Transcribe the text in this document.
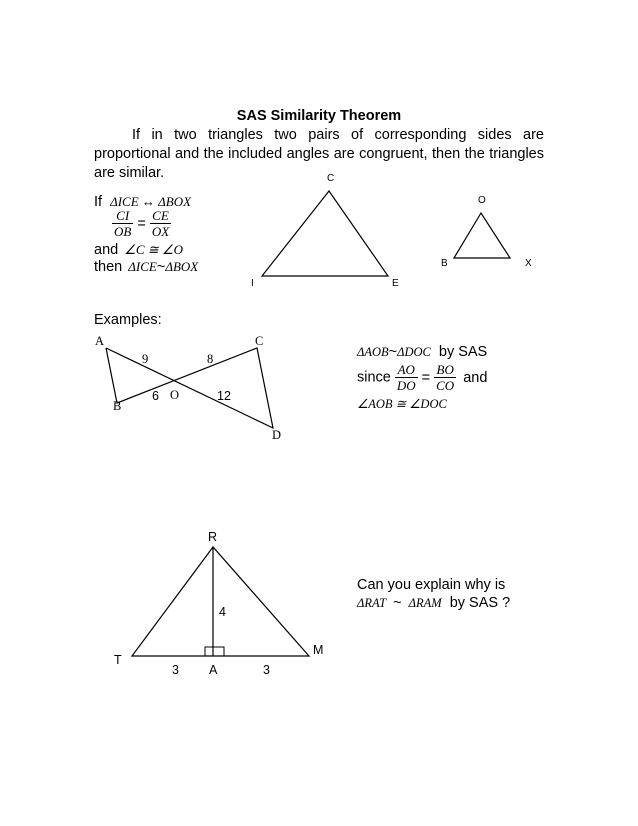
SAS Similarity Theorem
If in two triangles two pairs of corresponding sides are proportional and the included angles are congruent, then the triangles are similar.
If ΔICE ↔ ΔBOX
$\frac{CI}{OB} = \frac{CE}{OX}$
and ∠C ≅ ∠O
then ΔICE~ΔBOX
C
I	E
O
B	X
Examples:
A
B
C
D
O
9	8
6	12
ΔAOB~ΔDOC by SAS
since $\frac{AO}{DO} = \frac{BO}{CO}$ and
∠AOB ≅ ∠DOC
R
T
M
A
4
3	3
Can you explain why is
ΔRAT ~ ΔRAM by SAS ?
